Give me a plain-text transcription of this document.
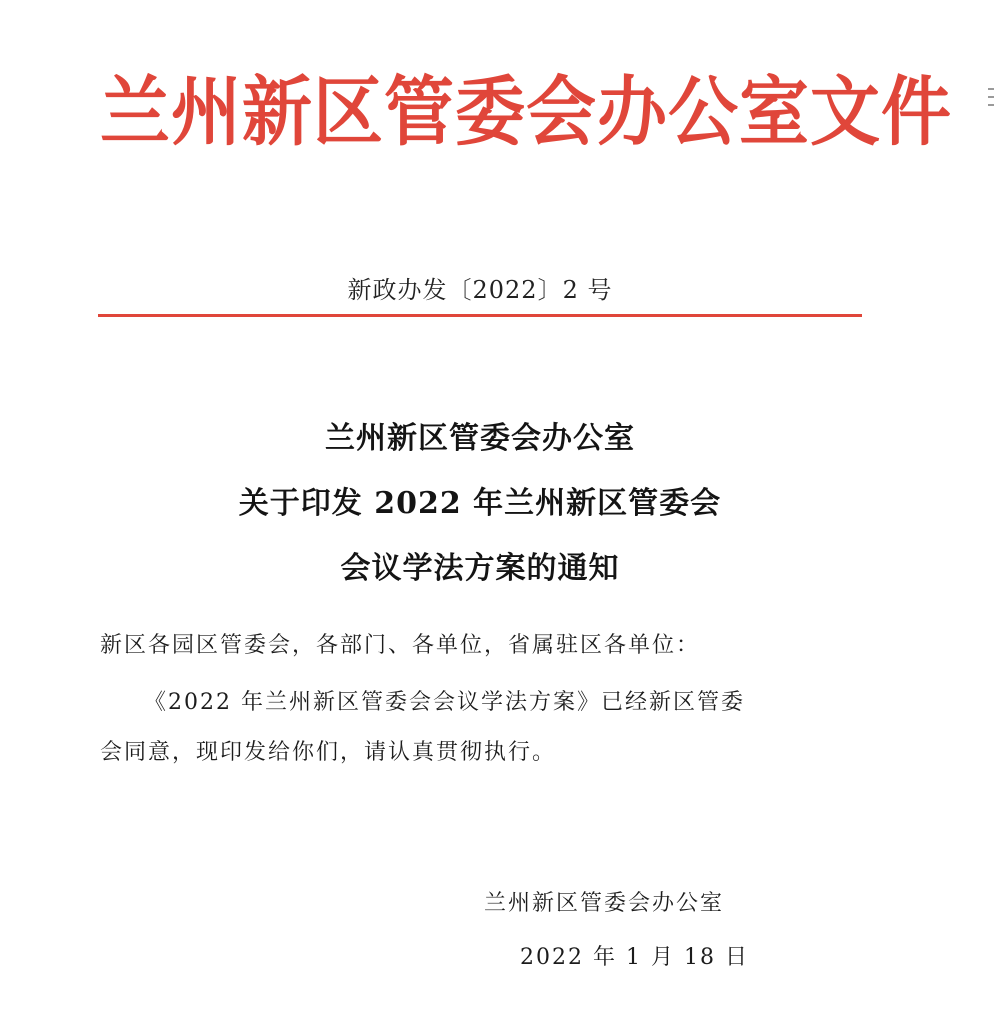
兰州新区管委会办公室文件
新政办发〔2022〕2 号
兰州新区管委会办公室
关于印发 2022 年兰州新区管委会
会议学法方案的通知
新区各园区管委会，各部门、各单位，省属驻区各单位：
《2022 年兰州新区管委会会议学法方案》已经新区管委
会同意，现印发给你们，请认真贯彻执行。
兰州新区管委会办公室
2022 年 1 月 18 日
